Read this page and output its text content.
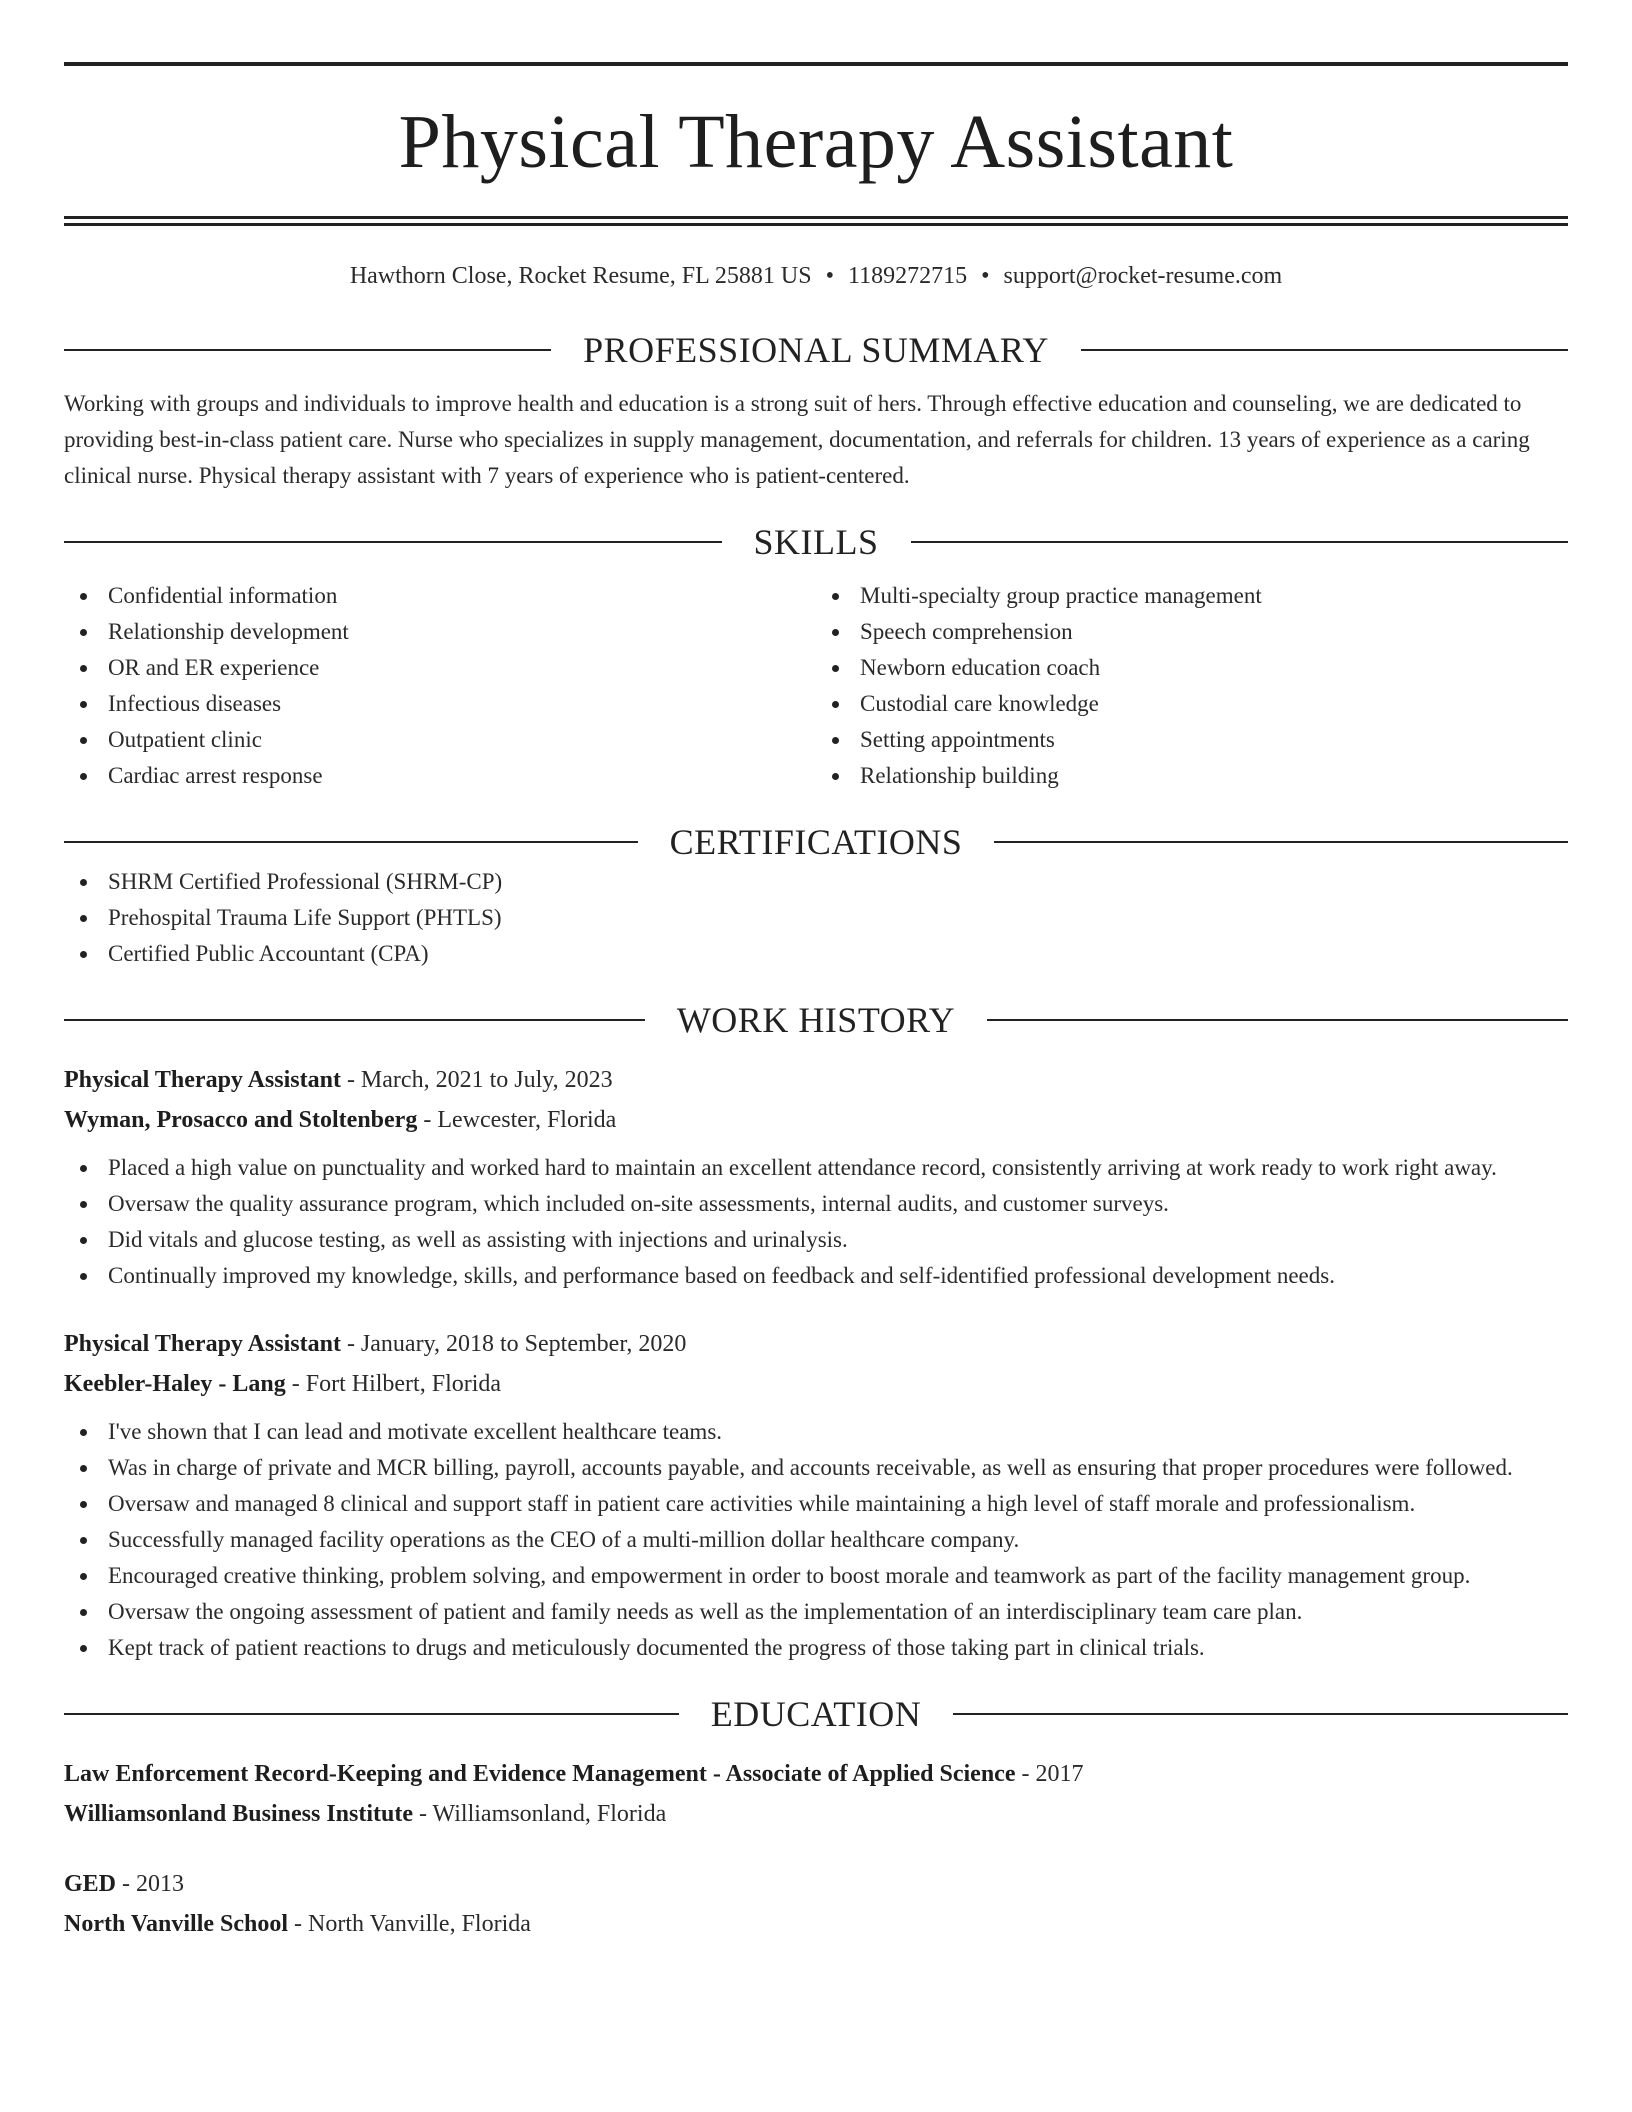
Physical Therapy Assistant
Hawthorn Close, Rocket Resume, FL 25881 US • 1189272715 • support@rocket-resume.com
PROFESSIONAL SUMMARY
Working with groups and individuals to improve health and education is a strong suit of hers. Through effective education and counseling, we are dedicated to providing best-in-class patient care. Nurse who specializes in supply management, documentation, and referrals for children. 13 years of experience as a caring clinical nurse. Physical therapy assistant with 7 years of experience who is patient-centered.
SKILLS
Confidential information
Relationship development
OR and ER experience
Infectious diseases
Outpatient clinic
Cardiac arrest response
Multi-specialty group practice management
Speech comprehension
Newborn education coach
Custodial care knowledge
Setting appointments
Relationship building
CERTIFICATIONS
SHRM Certified Professional (SHRM-CP)
Prehospital Trauma Life Support (PHTLS)
Certified Public Accountant (CPA)
WORK HISTORY
Physical Therapy Assistant - March, 2021 to July, 2023
Wyman, Prosacco and Stoltenberg - Lewcester, Florida
Placed a high value on punctuality and worked hard to maintain an excellent attendance record, consistently arriving at work ready to work right away.
Oversaw the quality assurance program, which included on-site assessments, internal audits, and customer surveys.
Did vitals and glucose testing, as well as assisting with injections and urinalysis.
Continually improved my knowledge, skills, and performance based on feedback and self-identified professional development needs.
Physical Therapy Assistant - January, 2018 to September, 2020
Keebler-Haley - Lang - Fort Hilbert, Florida
I've shown that I can lead and motivate excellent healthcare teams.
Was in charge of private and MCR billing, payroll, accounts payable, and accounts receivable, as well as ensuring that proper procedures were followed.
Oversaw and managed 8 clinical and support staff in patient care activities while maintaining a high level of staff morale and professionalism.
Successfully managed facility operations as the CEO of a multi-million dollar healthcare company.
Encouraged creative thinking, problem solving, and empowerment in order to boost morale and teamwork as part of the facility management group.
Oversaw the ongoing assessment of patient and family needs as well as the implementation of an interdisciplinary team care plan.
Kept track of patient reactions to drugs and meticulously documented the progress of those taking part in clinical trials.
EDUCATION
Law Enforcement Record-Keeping and Evidence Management - Associate of Applied Science - 2017
Williamsonland Business Institute - Williamsonland, Florida
GED - 2013
North Vanville School - North Vanville, Florida
